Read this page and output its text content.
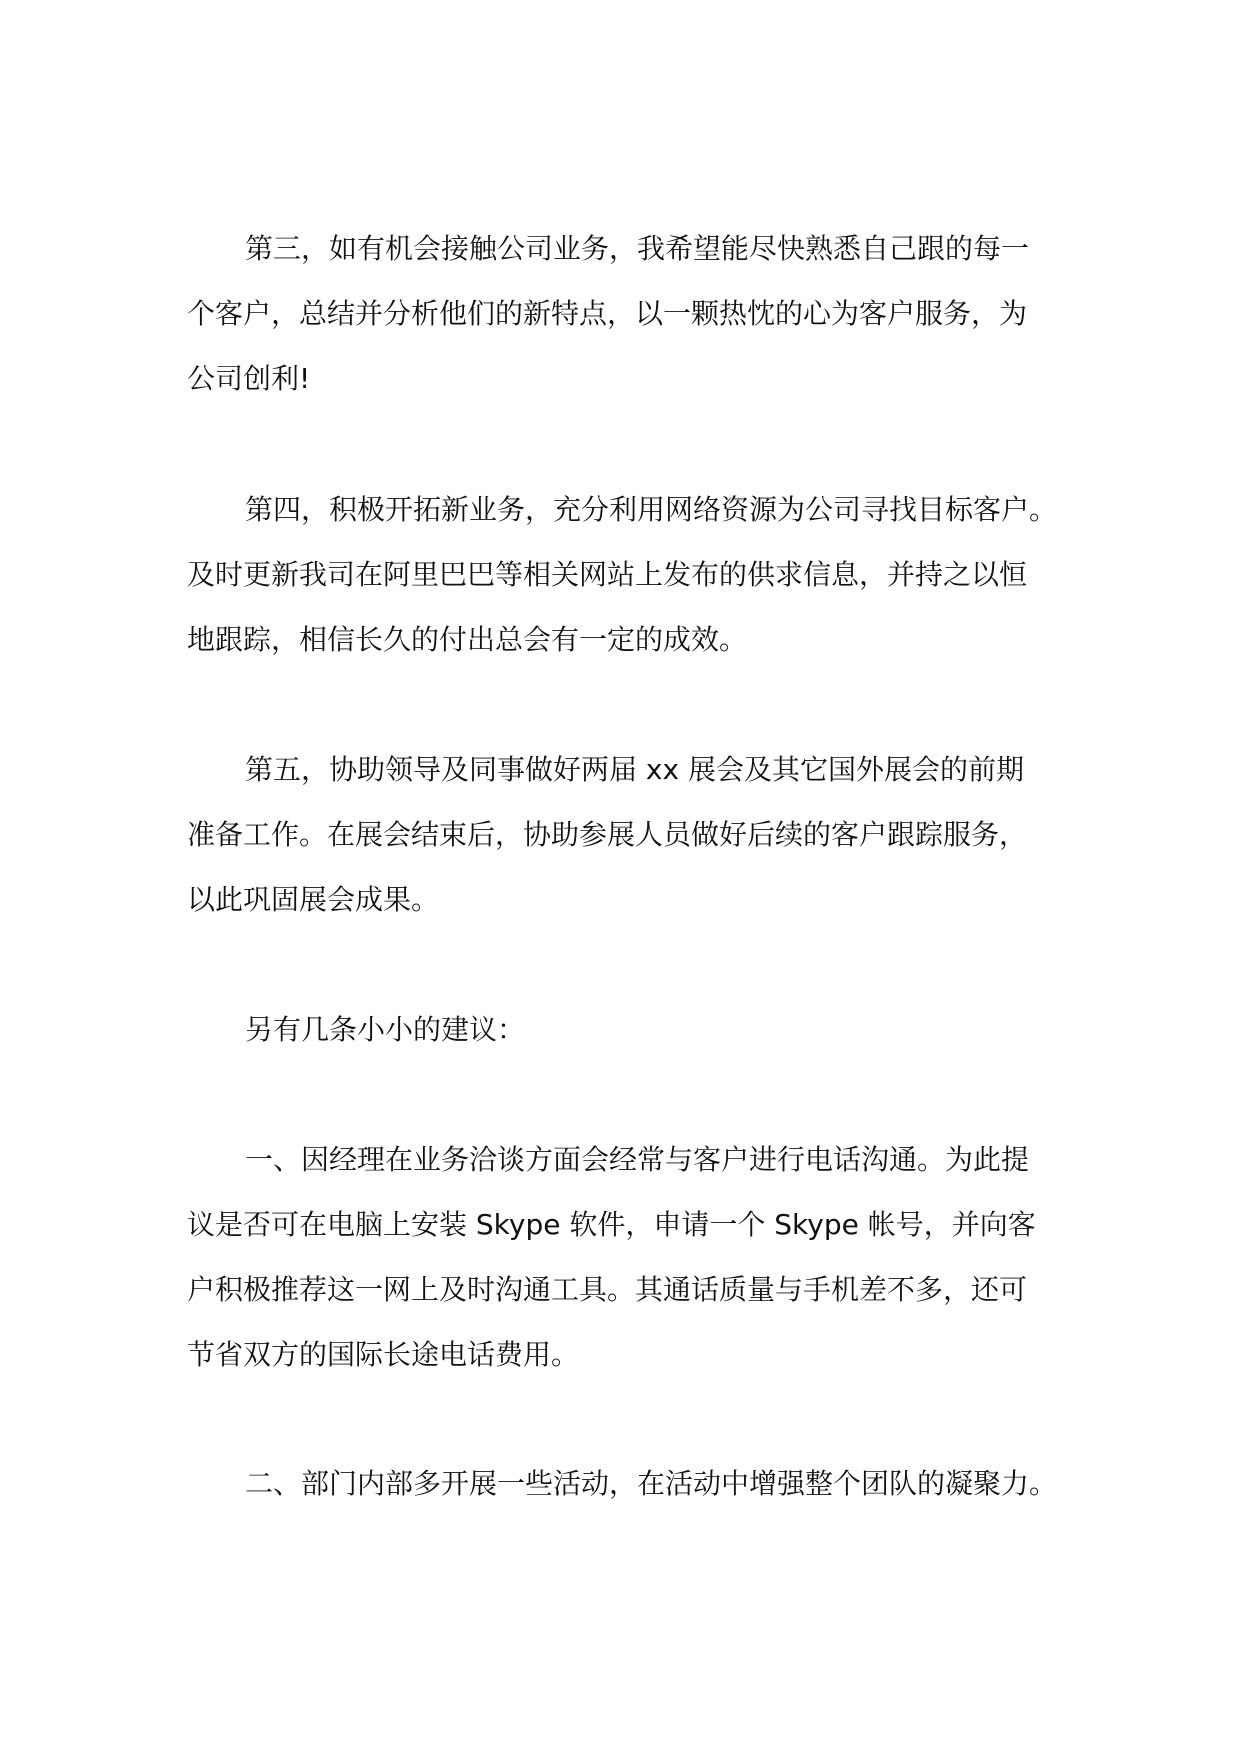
第三，如有机会接触公司业务，我希望能尽快熟悉自己跟的每一
个客户，总结并分析他们的新特点，以一颗热忱的心为客户服务，为
公司创利!
第四，积极开拓新业务，充分利用网络资源为公司寻找目标客户。
及时更新我司在阿里巴巴等相关网站上发布的供求信息，并持之以恒
地跟踪，相信长久的付出总会有一定的成效。
第五，协助领导及同事做好两届 xx 展会及其它国外展会的前期
准备工作。在展会结束后，协助参展人员做好后续的客户跟踪服务，
以此巩固展会成果。
另有几条小小的建议：
一、因经理在业务洽谈方面会经常与客户进行电话沟通。为此提
议是否可在电脑上安装 Skype 软件，申请一个 Skype 帐号，并向客
户积极推荐这一网上及时沟通工具。其通话质量与手机差不多，还可
节省双方的国际长途电话费用。
二、部门内部多开展一些活动，在活动中增强整个团队的凝聚力。
